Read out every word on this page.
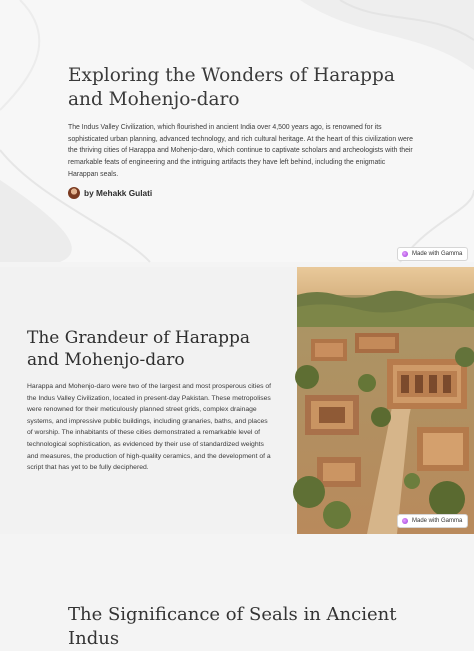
Exploring the Wonders of Harappa and Mohenjo-daro

The Indus Valley Civilization, which flourished in ancient India over 4,500 years ago, is renowned for its sophisticated urban planning, advanced technology, and rich cultural heritage. At the heart of this civilization were the thriving cities of Harappa and Mohenjo-daro, which continue to captivate scholars and archeologists with their remarkable feats of engineering and the intriguing artifacts they have left behind, including the enigmatic Harappan seals.

by Mehakk Gulati
Made with Gamma
The Grandeur of Harappa and Mohenjo-daro

Harappa and Mohenjo-daro were two of the largest and most prosperous cities of the Indus Valley Civilization, located in present-day Pakistan. These metropolises were renowned for their meticulously planned street grids, complex drainage systems, and impressive public buildings, including granaries, baths, and places of worship. The inhabitants of these cities demonstrated a remarkable level of technological sophistication, as evidenced by their use of standardized weights and measures, the production of high-quality ceramics, and the development of a script that has yet to be fully deciphered.

Made with Gamma
The Significance of Seals in Ancient Indus
